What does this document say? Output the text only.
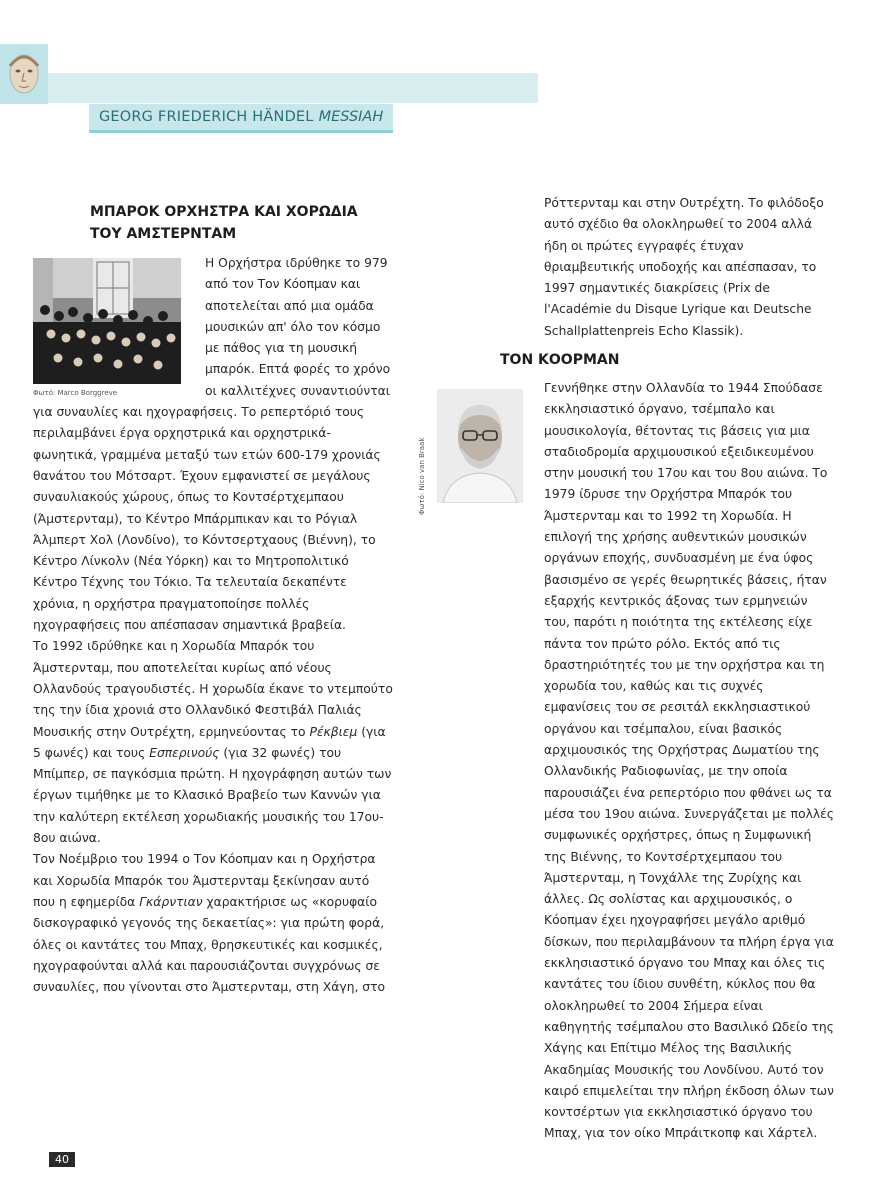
GEORG FRIEDERICH HÄNDEL MESSIAH
ΜΠΑΡΟΚ ΟΡΧΗΣΤΡΑ ΚΑΙ ΧΟΡΩΔΙΑ
ΤΟΥ ΑΜΣΤΕΡΝΤΑΜ
Φωτό: Marco Borggreve

Η Ορχήστρα ιδρύθηκε το 979 από τον Τον Κόοπμαν και αποτελείται από μια ομάδα μουσικών απ' όλο τον κόσμο με πάθος για τη μουσική μπαρόκ. Επτά φορές το χρόνο οι καλλιτέχνες συναντιούνται για συναυλίες και ηχογραφήσεις. Το ρεπερτόριό τους περιλαμβάνει έργα ορχηστρικά και ορχηστρικά-φωνητικά, γραμμένα μεταξύ των ετών 600-179 χρονιάς θανάτου του Μότσαρτ. Έχουν εμφανιστεί σε μεγάλους συναυλιακούς χώρους, όπως το Κοντσέρτχεμπαου (Άμστερνταμ), το Κέντρο Μπάρμπικαν και το Ρόγιαλ Άλμπερτ Χολ (Λονδίνο), το Κόντσερτχαους (Βιέννη), το Κέντρο Λίνκολν (Νέα Υόρκη) και το Μητροπολιτικό Κέντρο Τέχνης του Τόκιο. Τα τελευταία δεκαπέντε χρόνια, η ορχήστρα πραγματοποίησε πολλές ηχογραφήσεις που απέσπασαν σημαντικά βραβεία.

Το 1992 ιδρύθηκε και η Χορωδία Μπαρόκ του Άμστερνταμ, που αποτελείται κυρίως από νέους Ολλανδούς τραγουδιστές. Η χορωδία έκανε το ντεμπούτο της την ίδια χρονιά στο Ολλανδικό Φεστιβάλ Παλιάς Μουσικής στην Ουτρέχτη, ερμηνεύοντας το Ρέκβιεμ (για 5 φωνές) και τους Εσπερινούς (για 32 φωνές) του Μπίμπερ, σε παγκόσμια πρώτη. Η ηχογράφηση αυτών των έργων τιμήθηκε με το Κλασικό Βραβείο των Καννών για την καλύτερη εκτέλεση χορωδιακής μουσικής του 17ου- 8ου αιώνα.

Τον Νοέμβριο του 1994 ο Τον Κόοπμαν και η Ορχήστρα και Χορωδία Μπαρόκ του Άμστερνταμ ξεκίνησαν αυτό που η εφημερίδα Γκάρντιαν χαρακτήρισε ως «κορυφαίο δισκογραφικό γεγονός της δεκαετίας»: για πρώτη φορά, όλες οι καντάτες του Μπαχ, θρησκευτικές και κοσμικές, ηχογραφούνται αλλά και παρουσιάζονται συγχρόνως σε συναυλίες, που γίνονται στο Άμστερνταμ, στη Χάγη, στο

Ρόττερνταμ και στην Ουτρέχτη. Το φιλόδοξο αυτό σχέδιο θα ολοκληρωθεί το 2004 αλλά ήδη οι πρώτες εγγραφές έτυχαν θριαμβευτικής υποδοχής και απέσπασαν, το 1997 σημαντικές διακρίσεις (Prix de l'Académie du Disque Lyrique και Deutsche Schallplattenpreis Echo Klassik).

ΤΟΝ ΚΟΟΡΜΑΝ
Φωτό: Nico van Braak

Γεννήθηκε στην Ολλανδία το 1944 Σπούδασε εκκλησιαστικό όργανο, τσέμπαλο και μουσικολογία, θέτοντας τις βάσεις για μια σταδιοδρομία αρχιμουσικού εξειδικευμένου στην μουσική του 17ου και του 8ου αιώνα. Το 1979 ίδρυσε την Ορχήστρα Μπαρόκ του Άμστερνταμ και το 1992 τη Χορωδία. Η επιλογή της χρήσης αυθεντικών μουσικών οργάνων εποχής, συνδυασμένη με ένα ύφος βασισμένο σε γερές θεωρητικές βάσεις, ήταν εξαρχής κεντρικός άξονας των ερμηνειών του, παρότι η ποιότητα της εκτέλεσης είχε πάντα τον πρώτο ρόλο. Εκτός από τις δραστηριότητές του με την ορχήστρα και τη χορωδία του, καθώς και τις συχνές εμφανίσεις του σε ρεσιτάλ εκκλησιαστικού οργάνου και τσέμπαλου, είναι βασικός αρχιμουσικός της Ορχήστρας Δωματίου της Ολλανδικής Ραδιοφωνίας, με την οποία παρουσιάζει ένα ρεπερτόριο που φθάνει ως τα μέσα του 19ου αιώνα. Συνεργάζεται με πολλές συμφωνικές ορχήστρες, όπως η Συμφωνική της Βιέννης, το Κοντσέρτχεμπαου του Άμστερνταμ, η Τονχάλλε της Ζυρίχης και άλλες. Ως σολίστας και αρχιμουσικός, ο Κόοπμαν έχει ηχογραφήσει μεγάλο αριθμό δίσκων, που περιλαμβάνουν τα πλήρη έργα για εκκλησιαστικό όργανο του Μπαχ και όλες τις καντάτες του ίδιου συνθέτη, κύκλος που θα ολοκληρωθεί το 2004 Σήμερα είναι καθηγητής τσέμπαλου στο Βασιλικό Ωδείο της Χάγης και Επίτιμο Μέλος της Βασιλικής Ακαδημίας Μουσικής του Λονδίνου. Αυτό τον καιρό επιμελείται την πλήρη έκδοση όλων των κοντσέρτων για εκκλησιαστικό όργανο του Μπαχ, για τον οίκο Μπράιτκοπφ και Χάρτελ.

40
